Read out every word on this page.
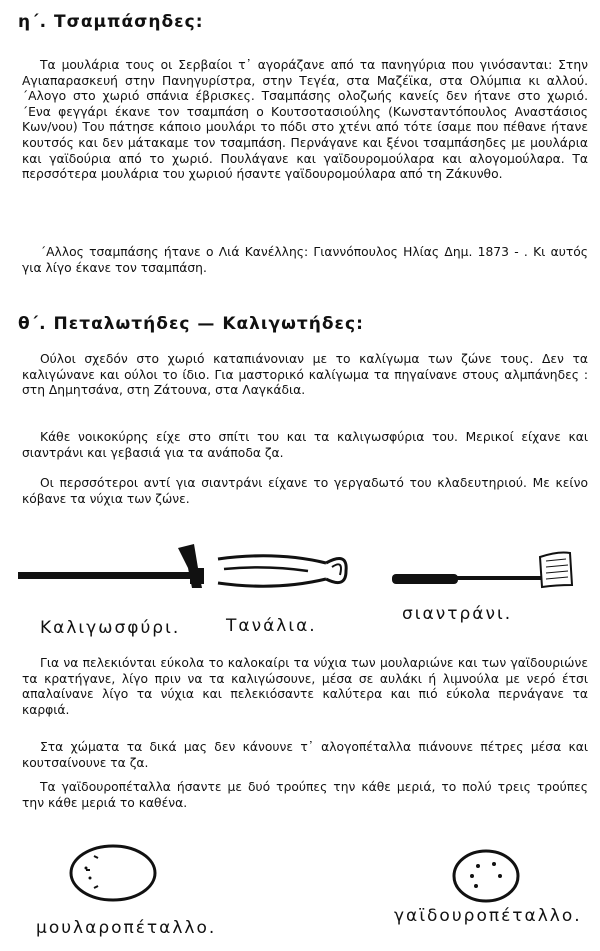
η΄. Τσαμπάσηδες:

Τα μουλάρια τους οι Σερβαίοι τ᾽ αγοράζανε από τα πανηγύρια που γινόσανται: Στην Αγιαπαρασκευή στην Πανηγυρίστρα, στην Τεγέα, στα Μαζέϊκα, στα Ολύμπια κι αλλού. ΄Αλογο στο χωριό σπάνια έβρισκες. Τσαμπάσης ολοζωής κανείς δεν ήτανε στο χωριό. ΄Ενα φεγγάρι έκανε τον τσαμπάση ο Κουτσοτασιούλης (Κωνσταντόπουλος Αναστάσιος Κων/νου) Του πάτησε κάποιο μουλάρι το πόδι στο χτένι από τότε ίσαμε που πέθανε ήτανε κουτσός και δεν μάτακαμε τον τσαμπάση. Περνάγανε και ξένοι τσαμπάσηδες με μουλάρια και γαϊδούρια από το χωριό. Πουλάγανε και γαϊδουρομούλαρα και αλογομούλαρα. Τα περσσότερα μουλάρια του χωριού ήσαντε γαϊδουρομούλαρα από τη Ζάκυνθο.

΄Αλλος τσαμπάσης ήτανε ο Λιά Κανέλλης: Γιαννόπουλος Ηλίας Δημ. 1873 - . Κι αυτός για λίγο έκανε τον τσαμπάση.

θ΄. Πεταλωτήδες — Καλιγωτήδες:

Ούλοι σχεδόν στο χωριό καταπιάνονιαν με το καλίγωμα των ζώνε τους. Δεν τα καλιγώνανε και ούλοι το ίδιο. Για μαστορικό καλίγωμα τα πηγαίνανε στους αλμπάνηδες : στη Δημητσάνα, στη Ζάτουνα, στα Λαγκάδια.

Κάθε νοικοκύρης είχε στο σπίτι του και τα καλιγωσφύρια του. Μερικοί είχανε και σιαντράνι και γεβασιά για τα ανάποδα ζα.

Οι περσσότεροι αντί για σιαντράνι είχανε το γεργαδωτό του κλαδευτηριού. Με κείνο κόβανε τα νύχια των ζώνε.

Καλιγωσφύρι.	Τανάλια.
σιαντράνι.

Για να πελεκιόνται εύκολα το καλοκαίρι τα νύχια των μουλαριώνε και των γαϊδουριώνε τα κρατήγανε, λίγο πριν να τα καλιγώσουνε, μέσα σε αυλάκι ή λιμνούλα με νερό έτσι απαλαίνανε λίγο τα νύχια και πελεκιόσαντε καλύτερα και πιό εύκολα περνάγανε τα καρφιά.

Στα χώματα τα δικά μας δεν κάνουνε τ᾽ αλογοπέταλλα πιάνουνε πέτρες μέσα και κουτσαίνουνε τα ζα.

Τα γαϊδουροπέταλλα ήσαντε με δυό τρούπες την κάθε μεριά, το πολύ τρεις τρούπες την κάθε μεριά το καθένα.

μουλαροπέταλλο.
γαϊδουροπέταλλο.
